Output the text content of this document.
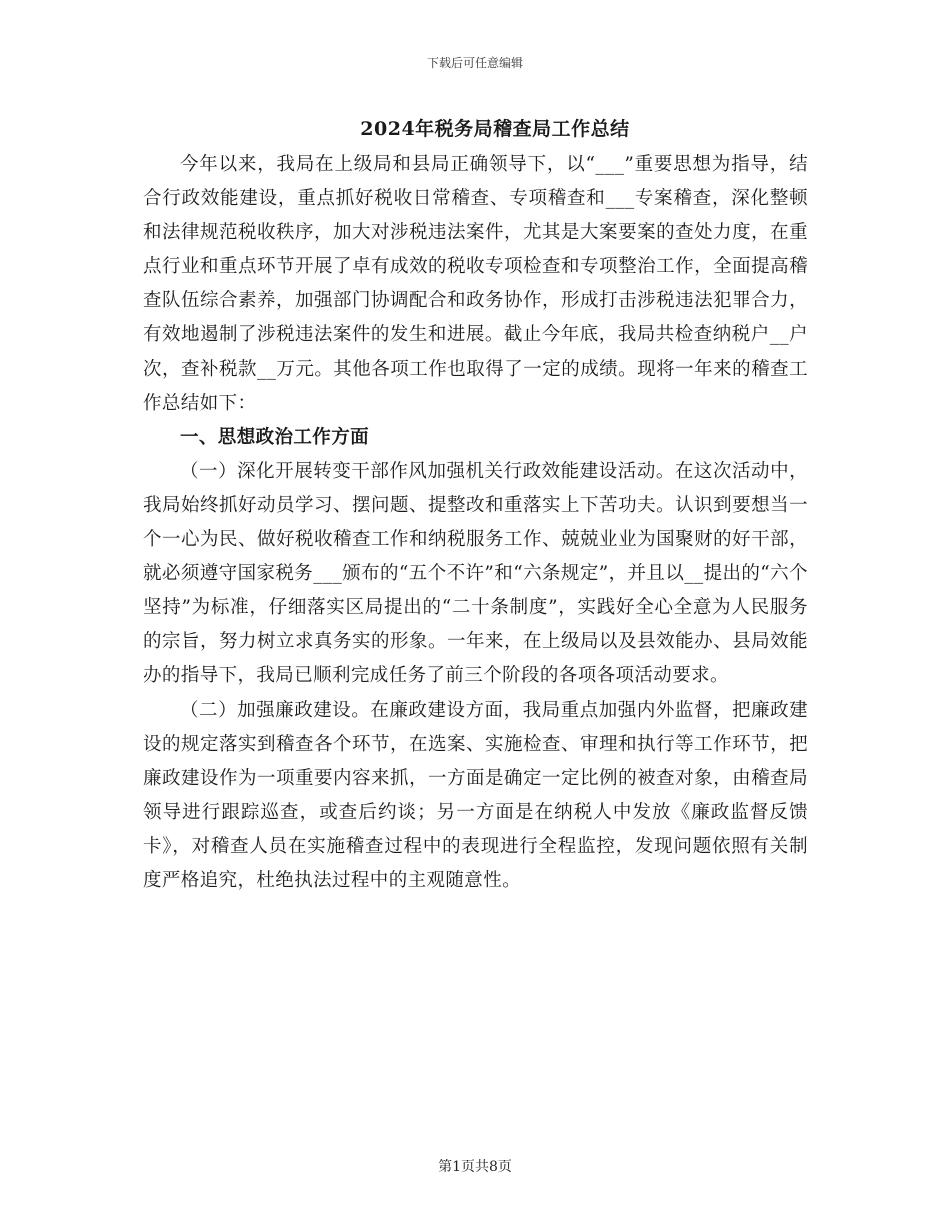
下载后可任意编辑
2024年税务局稽查局工作总结

今年以来，我局在上级局和县局正确领导下，以“___”重要思想为指导，结合行政效能建设，重点抓好税收日常稽查、专项稽查和___专案稽查，深化整顿和法律规范税收秩序，加大对涉税违法案件，尤其是大案要案的查处力度，在重点行业和重点环节开展了卓有成效的税收专项检查和专项整治工作，全面提高稽查队伍综合素养，加强部门协调配合和政务协作，形成打击涉税违法犯罪合力，有效地遏制了涉税违法案件的发生和进展。截止今年底，我局共检查纳税户__户次，查补税款__万元。其他各项工作也取得了一定的成绩。现将一年来的稽查工作总结如下：

一、思想政治工作方面

（一）深化开展转变干部作风加强机关行政效能建设活动。在这次活动中，我局始终抓好动员学习、摆问题、提整改和重落实上下苦功夫。认识到要想当一个一心为民、做好税收稽查工作和纳税服务工作、兢兢业业为国聚财的好干部，就必须遵守国家税务___颁布的“五个不许”和“六条规定”，并且以__提出的“六个坚持”为标准，仔细落实区局提出的“二十条制度”，实践好全心全意为人民服务的宗旨，努力树立求真务实的形象。一年来，在上级局以及县效能办、县局效能办的指导下，我局已顺利完成任务了前三个阶段的各项各项活动要求。

（二）加强廉政建设。在廉政建设方面，我局重点加强内外监督，把廉政建设的规定落实到稽查各个环节，在选案、实施检查、审理和执行等工作环节，把廉政建设作为一项重要内容来抓，一方面是确定一定比例的被查对象，由稽查局领导进行跟踪巡查，或查后约谈；另一方面是在纳税人中发放《廉政监督反馈卡》，对稽查人员在实施稽查过程中的表现进行全程监控，发现问题依照有关制度严格追究，杜绝执法过程中的主观随意性。

第1页共8页
